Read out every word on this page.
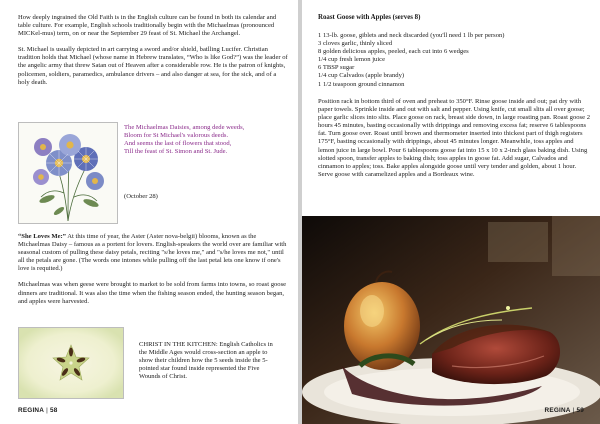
How deeply ingrained the Old Faith is in the English culture can be found in both its calendar and table culture. For example, English schools traditionally begin with the Michaelmas (pronounced MICKel-mus) term, on or near the September 29 feast of St. Michael the Archangel.

St. Michael is usually depicted in art carrying a sword and/or shield, batlling Lucifer. Christian tradition holds that Michael (whose name in Hebrew translates, “Who is like God?”) was the leader of the angelic army that threw Satan out of Heaven after a considerable row. He is the patron of knights, policemen, soldiers, paramedics, ambulance drivers – and also danger at sea, for the sick, and of a holy death.

The Michaelmas Daisies, among dede weeds,

Bloom for St Michael's valorous deeds.

And seems the last of flowers that stood,

Till the feast of St. Simon and St. Jude.

(October 28)

“She Loves Me:” At this time of year, the Aster (Aster nova-belgii) blooms, known as the Michaelmas Daisy – famous as a portent for lovers. English-speakers the world over are familiar with seasonal custom of pulling these daisy petals, reciting "s/he loves me," and "s/he loves me not," until all the petals are gone. (The words one intones while pulling off the last petal lets one know if one's love is requited.)

Michaelmas was when geese were brought to market to be sold from farms into towns, so roast goose dinners are traditional. It was also the time when the fishing season ended, the hunting season began, and apples were harvested.

CHRIST IN THE KITCHEN: English Catholics in the Middle Ages would cross-section an apple to show their children how the 5 seeds inside the 5-pointed star found inside represented the Five Wounds of Christ.

REGINA | 58
Roast Goose with Apples (serves 8)

1 13-lb. goose, giblets and neck discarded (you'll need 1 lb per person)

3 cloves garlic, thinly sliced

8 golden delicious apples, peeled, each cut into 6 wedges

1/4 cup fresh lemon juice

6 TBSP sugar

1/4 cup Calvados (apple brandy)

1 1/2 teaspoon ground cinnamon

Position rack in bottom third of oven and preheat to 350°F. Rinse goose inside and out; pat dry with paper towels. Sprinkle inside and out with salt and pepper. Using knife, cut small slits all over goose; place garlic slices into slits. Place goose on rack, breast side down, in large roasting pan. Roast goose 2 hours 45 minutes, basting occasionally with drippings and removing excess fat; reserve 6 tablespoons fat. Turn goose over. Roast until brown and thermometer inserted into thickest part of thigh registers 175°F, basting occasionally with drippings, about 45 minutes longer. Meanwhile, toss apples and lemon juice in large bowl. Pour 6 tablespoons goose fat into 15 x 10 x 2-inch glass baking dish. Using slotted spoon, transfer apples to baking dish; toss apples in goose fat. Add sugar, Calvados and cinnamon to apples; toss. Bake apples alongside goose until very tender and golden, about 1 hour. Serve goose with caramelized apples and a Bordeaux wine.

REGINA | 59
